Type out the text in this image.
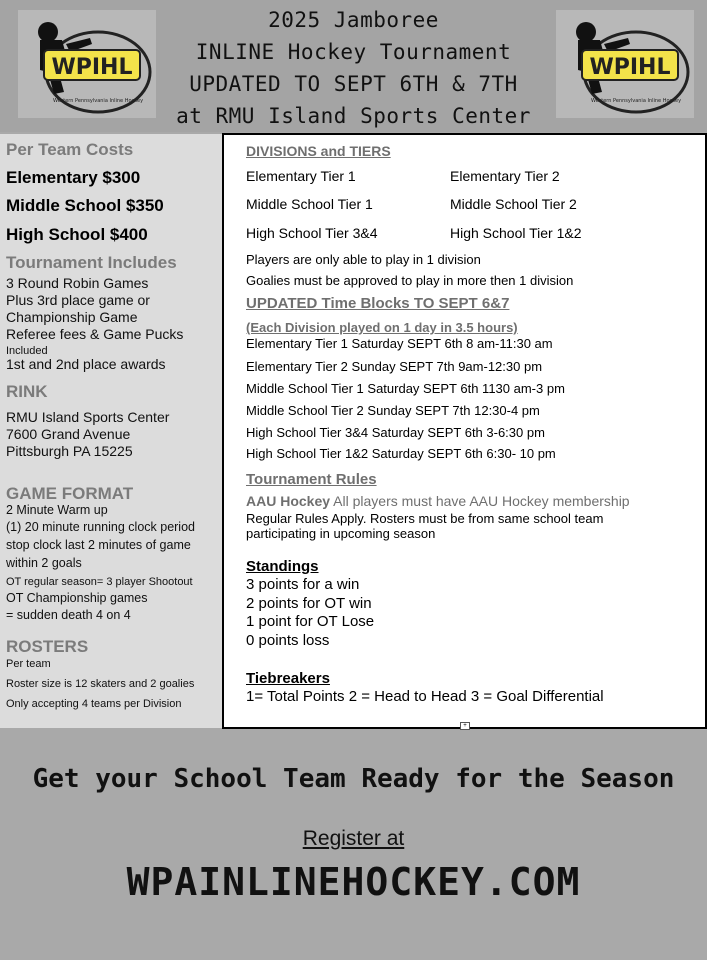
WPIHL
Western Pennsylvania Inline Hockey
2025 Jamboree
INLINE Hockey Tournament
UPDATED TO SEPT 6TH & 7TH
at RMU Island Sports Center
WPIHL
Western Pennsylvania Inline Hockey
Per Team Costs
Elementary $300
Middle School $350
High School $400
Tournament Includes
3 Round Robin Games
Plus 3rd place game or
Championship Game
Referee fees & Game Pucks
Included
1st and 2nd place awards
RINK
RMU Island Sports Center
7600 Grand Avenue
Pittsburgh PA 15225
GAME FORMAT
2 Minute Warm up
(1) 20 minute running clock period
stop clock last 2 minutes of game
within 2 goals
OT regular season= 3 player Shootout
OT Championship games
= sudden death 4 on 4
ROSTERS
Per team
Roster size is 12 skaters and 2 goalies
Only accepting 4 teams per Division
DIVISIONS and TIERS
Elementary Tier 1	Elementary Tier 2
Middle School Tier 1	Middle School Tier 2
High School Tier 3&4	High School Tier 1&2
Players are only able to play in 1 division
Goalies must be approved to play in more then 1 division
UPDATED Time Blocks TO SEPT 6&7
(Each Division played on 1 day in 3.5 hours)
Elementary Tier 1 Saturday SEPT 6th 8 am-11:30 am
Elementary Tier 2 Sunday SEPT 7th 9am-12:30 pm
Middle School Tier 1 Saturday SEPT 6th 1130 am-3 pm
Middle School Tier 2 Sunday SEPT 7th 12:30-4 pm
High School Tier 3&4 Saturday SEPT 6th 3-6:30 pm
High School Tier 1&2 Saturday SEPT 6th 6:30- 10 pm
Tournament Rules
AAU Hockey All players must have AAU Hockey membership
Regular Rules Apply. Rosters must be from same school team
participating in upcoming season
Standings
3 points for a win
2 points for OT win
1 point for OT Lose
0 points loss
Tiebreakers
1= Total Points 2 = Head to Head 3 = Goal Differential
+
Get your School Team Ready for the Season
Register at
WPAINLINEHOCKEY.COM
